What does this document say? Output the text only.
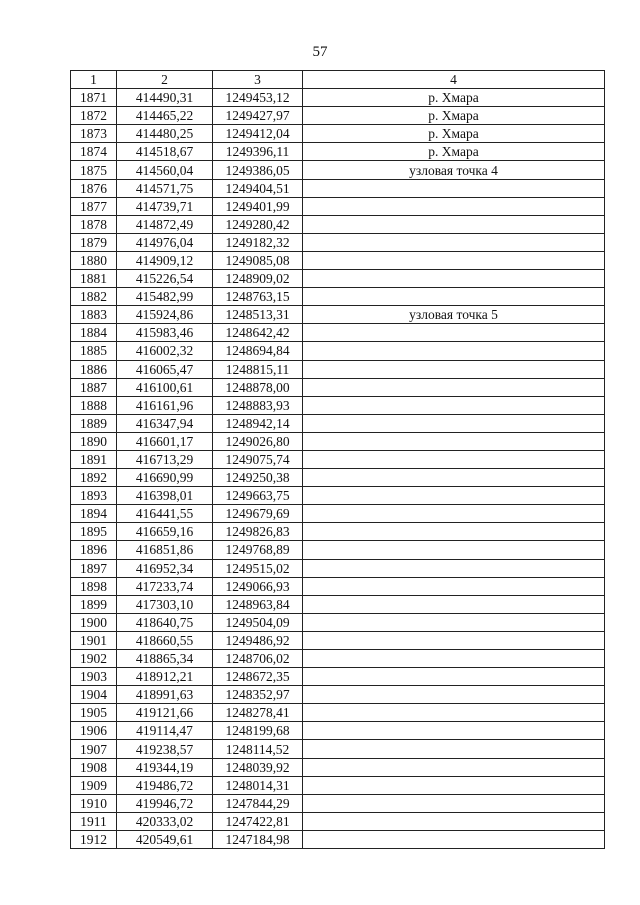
57
1	2	3	4
1871	414490,31	1249453,12	р. Хмара
1872	414465,22	1249427,97	р. Хмара
1873	414480,25	1249412,04	р. Хмара
1874	414518,67	1249396,11	р. Хмара
1875	414560,04	1249386,05	узловая точка 4
1876	414571,75	1249404,51	
1877	414739,71	1249401,99	
1878	414872,49	1249280,42	
1879	414976,04	1249182,32	
1880	414909,12	1249085,08	
1881	415226,54	1248909,02	
1882	415482,99	1248763,15	
1883	415924,86	1248513,31	узловая точка 5
1884	415983,46	1248642,42	
1885	416002,32	1248694,84	
1886	416065,47	1248815,11	
1887	416100,61	1248878,00	
1888	416161,96	1248883,93	
1889	416347,94	1248942,14	
1890	416601,17	1249026,80	
1891	416713,29	1249075,74	
1892	416690,99	1249250,38	
1893	416398,01	1249663,75	
1894	416441,55	1249679,69	
1895	416659,16	1249826,83	
1896	416851,86	1249768,89	
1897	416952,34	1249515,02	
1898	417233,74	1249066,93	
1899	417303,10	1248963,84	
1900	418640,75	1249504,09	
1901	418660,55	1249486,92	
1902	418865,34	1248706,02	
1903	418912,21	1248672,35	
1904	418991,63	1248352,97	
1905	419121,66	1248278,41	
1906	419114,47	1248199,68	
1907	419238,57	1248114,52	
1908	419344,19	1248039,92	
1909	419486,72	1248014,31	
1910	419946,72	1247844,29	
1911	420333,02	1247422,81	
1912	420549,61	1247184,98	
